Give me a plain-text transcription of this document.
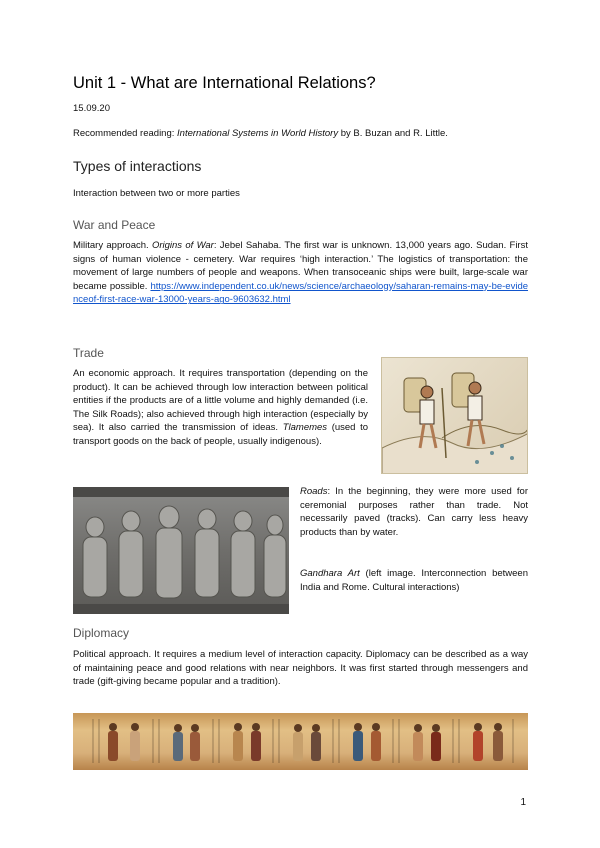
Unit 1 - What are International Relations?
15.09.20
Recommended reading: International Systems in World History by B. Buzan and R. Little.
Types of interactions
Interaction between two or more parties
War and Peace
Military approach. Origins of War: Jebel Sahaba. The first war is unknown. 13,000 years ago. Sudan. First signs of human violence - cemetery. War requires ‘high interaction.’ The logistics of transportation: the movement of large numbers of people and weapons. When transoceanic ships were built, large-scale war became possible. https://www.independent.co.uk/news/science/archaeology/saharan-remains-may-be-evidenceof-first-race-war-13000-years-ago-9603632.html
Trade
An economic approach. It requires transportation (depending on the product). It can be achieved through low interaction between political entities if the products are of a little volume and highly demanded (i.e. The Silk Roads); also achieved through high interaction (especially by sea). It also carried the transmission of ideas. Tlamemes (used to transport goods on the back of people, usually indigenous).
Roads: In the beginning, they were more used for ceremonial purposes rather than trade. Not necessarily paved (tracks). Can carry less heavy products than by water.
Gandhara Art (left image. Interconnection between India and Rome. Cultural interactions)
Diplomacy
Political approach. It requires a medium level of interaction capacity. Diplomacy can be described as a way of maintaining peace and good relations with near neighbors. It was first started through messengers and trade (gift-giving became popular and a tradition).
1
